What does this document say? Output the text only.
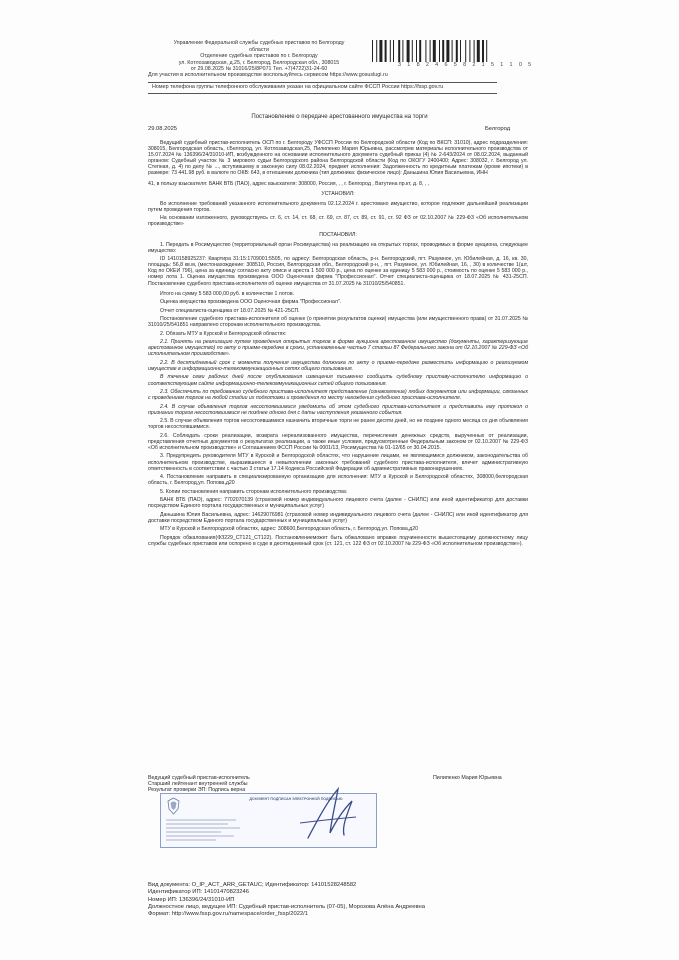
Управление Федеральной службы судебных приставов по Белгороду
области
Отделение судебных приставов по г. Белгороду
ул. Котлозаводская, д.25, г. Белгород, Белгородская обл., 308015
от 29.08.2025 № 31016/25/8P071 Тел. +7(4722)31-24-60
3 1 8 2 4 6 5 8 2 1 5 1 1 0 5
Для участия в исполнительном производстве воспользуйтесь сервисом https://www.gosuslugi.ru
Номер телефона группы телефонного обслуживания указан на официальном сайте ФССП России https://fssp.gov.ru
Постановление о передаче арестованного имущества на торги
29.08.2025	Белгород

Ведущий судебный пристав-исполнитель ОСП по г. Белгороду УФССП России по Белгородской области (Код по ВКСП: 31010), адрес подразделения: 308015, Белгородская область, г.Белгород, ул. Котлозаводская,25, Пилипенко Мария Юрьевна, рассмотрев материалы исполнительного производства от 15.07.2024 № 136396/24/31010-ИП, возбужденного на основании исполнительного документа судебный приказ (4) № 2-643/2024 от 08.02.2024, выданный органом: Судебный участок № 3 мирового судьи Белгородского района Белгородской области (Код по ОКОГУ 2400400; Адрес: 308032, г. Белгород ул. Степная, д. 4) по делу № ..., вступившему в законную силу 08.02.2024, предмет исполнения: Задолженность по кредитным платежам (кроме ипотеки) в размере: 73 441.98 руб. в валюте по ОКВ: 643, в отношении должника (тип должника: физическое лицо): Даньшина Юлия Васильевна, ИНН

41, в пользу взыскателя: БАНК ВТБ (ПАО), адрес взыскателя: 308000, Россия, , , г. Белгород , Ватутина пр.кт, д. 8, , ,

УСТАНОВИЛ:

Во исполнение требований указанного исполнительного документа 02.12.2024 г. арестовано имущество, которое подлежит дальнейшей реализации путем проведения торгов.

На основании изложенного, руководствуясь ст. 6, ст. 14, ст. 68, ст. 69, ст. 87, ст. 89, ст. 91, ст. 92 ФЗ от 02.10.2007 № 229-ФЗ «Об исполнительном производстве»

ПОСТАНОВИЛ:

1. Передать в Росимущество (территориальный орган Росимущества) на реализацию на открытых торгах, проводимых в форме аукциона, следующее имущество:

ID 1410158925237: Квартира 31:15:1709001:5505, по адресу: Белгородская область, р-н. Белгородский, пгт. Разумное, ул. Юбилейная, д. 16, кв. 30, площадь: 56,8 кв.м, (местонахождение: 308510, Россия, Белгородская обл., Белгородский р-н, , пгт. Разумное, ул. Юбилейная, 16, , 30) в количестве 1(шт, Код по ОКЕИ 796), цена за единицу согласно акту описи и ареста 1 500 000 р., цена по оценке за единицу 5 583 000 р., стоимость по оценке 5 583 000 р., номер лота 1. Оценка имущества произведена ООО Оценочная фирма "Профессионал". Отчет специалиста-оценщика от 18.07.2025 № 431-25СП. Постановление судебного пристава-исполнителя об оценке имущества от 31.07.2025 № 31010/25/540851.

Итого на сумму 5 583 000,00 руб. в количестве 1 лотов.

Оценка имущества произведена ООО Оценочная фирма "Профессионал".

Отчет специалиста-оценщика от 18.07.2025 № 421-25СП.

Постановление судебного пристава-исполнителя об оценке (о принятии результатов оценки) имущества (или имущественного права) от 31.07.2025 № 31010/25/541851 направлено сторонам исполнительного производства.

2. Обязать МТУ в Курской и Белгородской областях:

2.1. Принять на реализацию путем проведения открытых торгов в форме аукциона арестованное имущество (документы, характеризующие арестованное имущество) по акту о приеме-передаче в сроки, установленные частью 7 статьи 87 Федерального закона от 02.10.2007 № 229-ФЗ «Об исполнительном производстве».

2.2. В десятидневный срок с момента получения имущества должника по акту о приеме-передаче разместить информацию о реализуемом имуществе в информационно-телекоммуникационных сетях общего пользования.

В течение семи рабочих дней после опубликования извещения письменно сообщить судебному приставу-исполнителю информацию о соответствующем сайте информационно-телекоммуникационных сетей общего пользования.

2.3. Обеспечить по требованию судебного пристава-исполнителя представление (ознакомление) любых документов или информации, связанных с проведением торгов на любой стадии их подготовки и проведения по месту нахождения судебного пристава-исполнителя.

2.4. В случае объявления торгов несостоявшимися уведомить об этом судебного пристава-исполнителя и представить ему протокол о признании торгов несостоявшимися не позднее одного дня с даты наступления указанного события.

2.5. В случае объявления торгов несостоявшимися назначить вторичные торги не ранее десяти дней, но не позднее одного месяца со дня объявления торгов несостоявшимися.

2.6. Соблюдать сроки реализации, возврата нереализованного имущества, перечисления денежных средств, вырученных от реализации, представления отчетных документов о результатах реализации, а также иные условия, предусмотренные Федеральным законом от 02.10.2007 № 229-ФЗ «Об исполнительном производстве» и Соглашением ФССП России № 0001/13, Росимущества № 01-12/65 от 30.04.2015.

3. Предупредить руководителя МТУ в Курской и Белгородской областях, что нарушение лицами, не являющимися должником, законодательства об исполнительном производстве, выразившееся в невыполнении законных требований судебного пристава-исполнителя, влечет административную ответственность в соответствии с частью 3 статьи 17.14 Кодекса Российской Федерации об административных правонарушениях.

4. Постановление направить в специализированную организацию для исполнения: МТУ в Курской и Белгородской областях, 308000,белгородская область, г. Белгород,ул. Попова,д20

5. Копии постановления направить сторонам исполнительного производства:

БАНК ВТБ (ПАО), адрес: 7702070139 (страховой номер индивидуального лицевого счета (далее - СНИЛС) или иной идентификатор для доставки посредством Единого портала государственных и муниципальных услуг)

Даньшина Юлия Васильевна, адрес: 14629076981 (страховой номер индивидуального лицевого счета (далее - СНИЛС) или иной идентификатор для доставки посредством Единого портала государственных и муниципальных услуг)

МТУ в Курской и Белгородской областях, адрес: 308600,Белгородская область, г. Белгород,ул. Попова,д20

Порядок обжалования(ФЗ229_СТ121_СТ122). Постановлениеможет быть обжаловано вправке подчиненности вышестоящему должностному лицу службы судебных приставов или оспорено в суде в десятидневный срок (ст. 121, ст. 122 ФЗ от 02.10.2007 № 229-ФЗ «Об исполнительном производстве»).

Ведущий судебный пристав-исполнитель	Пилипенко Мария Юрьевна
Старший лейтенант внутренней службы
Результат проверки ЭП: Подпись верна
ДОКУМЕНТ ПОДПИСАН ЭЛЕКТРОННОЙ ПОДПИСЬЮ
Вид документа: O_IP_ACT_ARR_GETAUC; Идентификатор: 14101528248582
Идентификатор ИП: 14101470823246
Номер ИП: 136396/24/31010-ИП
Должностное лицо, ведущее ИП: Судебный пристав-исполнитель (07-05), Морозова Алёна Андреевна
Формат: http://www.fssp.gov.ru/namespace/order_fssp/2022/1
